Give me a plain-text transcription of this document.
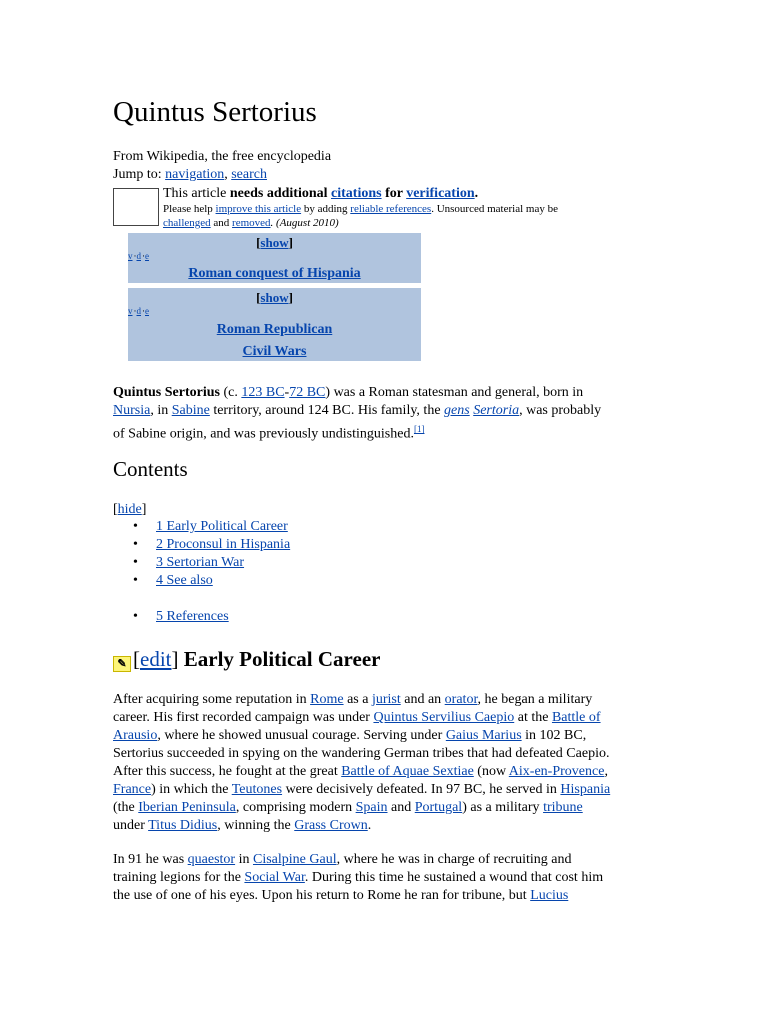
Quintus Sertorius
From Wikipedia, the free encyclopedia
Jump to: navigation, search
This article needs additional citations for verification.
Please help improve this article by adding reliable references. Unsourced material may be
challenged and removed. (August 2010)
[show]
v·d·e
Roman conquest of Hispania
[show]
v·d·e
Roman Republican
Civil Wars
Quintus Sertorius (c. 123 BC-72 BC) was a Roman statesman and general, born in
Nursia, in Sabine territory, around 124 BC. His family, the gens Sertoria, was probably
of Sabine origin, and was previously undistinguished.[1]
Contents
[hide]
• 1 Early Political Career
• 2 Proconsul in Hispania
• 3 Sertorian War
• 4 See also
• 5 References
✎ [edit] Early Political Career
After acquiring some reputation in Rome as a jurist and an orator, he began a military
career. His first recorded campaign was under Quintus Servilius Caepio at the Battle of
Arausio, where he showed unusual courage. Serving under Gaius Marius in 102 BC,
Sertorius succeeded in spying on the wandering German tribes that had defeated Caepio.
After this success, he fought at the great Battle of Aquae Sextiae (now Aix-en-Provence,
France) in which the Teutones were decisively defeated. In 97 BC, he served in Hispania
(the Iberian Peninsula, comprising modern Spain and Portugal) as a military tribune
under Titus Didius, winning the Grass Crown.
In 91 he was quaestor in Cisalpine Gaul, where he was in charge of recruiting and
training legions for the Social War. During this time he sustained a wound that cost him
the use of one of his eyes. Upon his return to Rome he ran for tribune, but Lucius
